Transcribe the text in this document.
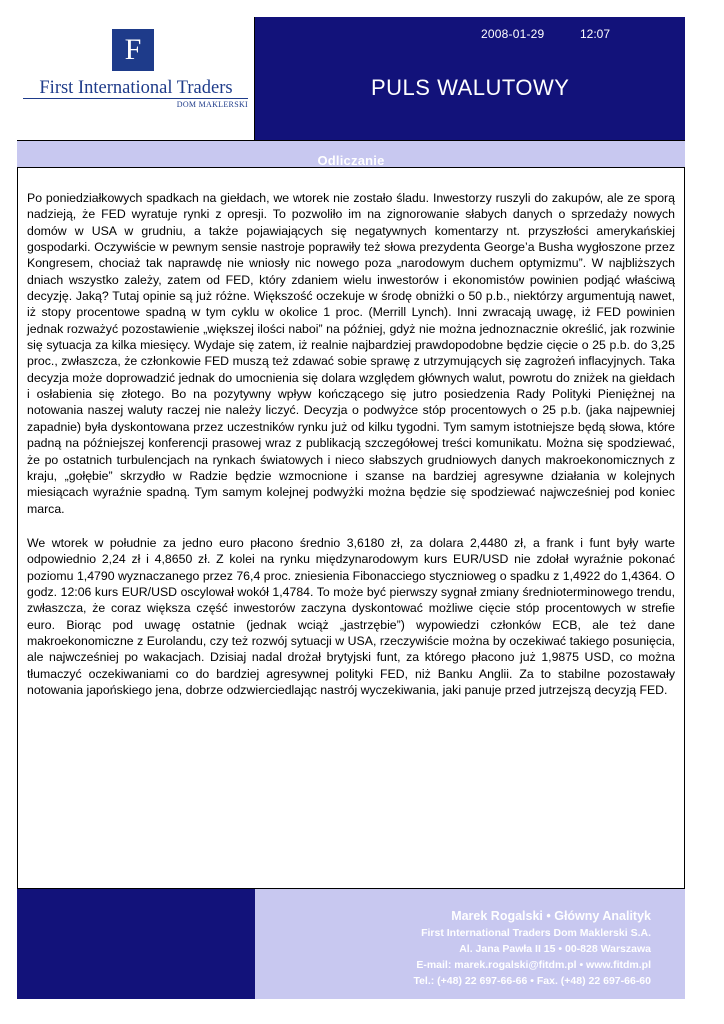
F
First International Traders
DOM MAKLERSKI
2008-01-29	12:07
PULS WALUTOWY
Odliczanie

Po poniedziałkowych spadkach na giełdach, we wtorek nie zostało śladu. Inwestorzy ruszyli do zakupów, ale ze sporą nadzieją, że FED wyratuje rynki z opresji. To pozwoliło im na zignorowanie słabych danych o sprzedaży nowych domów w USA w grudniu, a także pojawiających się negatywnych komentarzy nt. przyszłości amerykańskiej gospodarki. Oczywiście w pewnym sensie nastroje poprawiły też słowa prezydenta George’a Busha wygłoszone przez Kongresem, chociaż tak naprawdę nie wniosły nic nowego poza „narodowym duchem optymizmu”. W najbliższych dniach wszystko zależy, zatem od FED, który zdaniem wielu inwestorów i ekonomistów powinien podjąć właściwą decyzję. Jaką? Tutaj opinie są już różne. Większość oczekuje w środę obniżki o 50 p.b., niektórzy argumentują nawet, iż stopy procentowe spadną w tym cyklu w okolice 1 proc. (Merrill Lynch). Inni zwracają uwagę, iż FED powinien jednak rozważyć pozostawienie „większej ilości naboi” na później, gdyż nie można jednoznacznie określić, jak rozwinie się sytuacja za kilka miesięcy. Wydaje się zatem, iż realnie najbardziej prawdopodobne będzie cięcie o 25 p.b. do 3,25 proc., zwłaszcza, że członkowie FED muszą też zdawać sobie sprawę z utrzymujących się zagrożeń inflacyjnych. Taka decyzja może doprowadzić jednak do umocnienia się dolara względem głównych walut, powrotu do zniżek na giełdach i osłabienia się złotego. Bo na pozytywny wpływ kończącego się jutro posiedzenia Rady Polityki Pieniężnej na notowania naszej waluty raczej nie należy liczyć. Decyzja o podwyżce stóp procentowych o 25 p.b. (jaka najpewniej zapadnie) była dyskontowana przez uczestników rynku już od kilku tygodni. Tym samym istotniejsze będą słowa, które padną na późniejszej konferencji prasowej wraz z publikacją szczegółowej treści komunikatu. Można się spodziewać, że po ostatnich turbulencjach na rynkach światowych i nieco słabszych grudniowych danych makroekonomicznych z kraju, „gołębie” skrzydło w Radzie będzie wzmocnione i szanse na bardziej agresywne działania w kolejnych miesiącach wyraźnie spadną. Tym samym kolejnej podwyżki można będzie się spodziewać najwcześniej pod koniec marca.

We wtorek w południe za jedno euro płacono średnio 3,6180 zł, za dolara 2,4480 zł, a frank i funt były warte odpowiednio 2,24 zł i 4,8650 zł. Z kolei na rynku międzynarodowym kurs EUR/USD nie zdołał wyraźnie pokonać poziomu 1,4790 wyznaczanego przez 76,4 proc. zniesienia Fibonacciego stycznioweg o spadku z 1,4922 do 1,4364. O godz. 12:06 kurs EUR/USD oscylował wokół 1,4784. To może być pierwszy sygnał zmiany średnioterminowego trendu, zwłaszcza, że coraz większa część inwestorów zaczyna dyskontować możliwe cięcie stóp procentowych w strefie euro. Biorąc pod uwagę ostatnie (jednak wciąż „jastrzębie”) wypowiedzi członków ECB, ale też dane makroekonomiczne z Eurolandu, czy też rozwój sytuacji w USA, rzeczywiście można by oczekiwać takiego posunięcia, ale najwcześniej po wakacjach. Dzisiaj nadal drożał brytyjski funt, za którego płacono już 1,9875 USD, co można tłumaczyć oczekiwaniami co do bardziej agresywnej polityki FED, niż Banku Anglii. Za to stabilne pozostawały notowania japońskiego jena, dobrze odzwierciedlając nastrój wyczekiwania, jaki panuje przed jutrzejszą decyzją FED.

Marek Rogalski • Główny Analityk
First International Traders Dom Maklerski S.A.
Al. Jana Pawła II 15 • 00-828 Warszawa
E-mail: marek.rogalski@fitdm.pl • www.fitdm.pl
Tel.: (+48) 22 697-66-66 • Fax. (+48) 22 697-66-60
